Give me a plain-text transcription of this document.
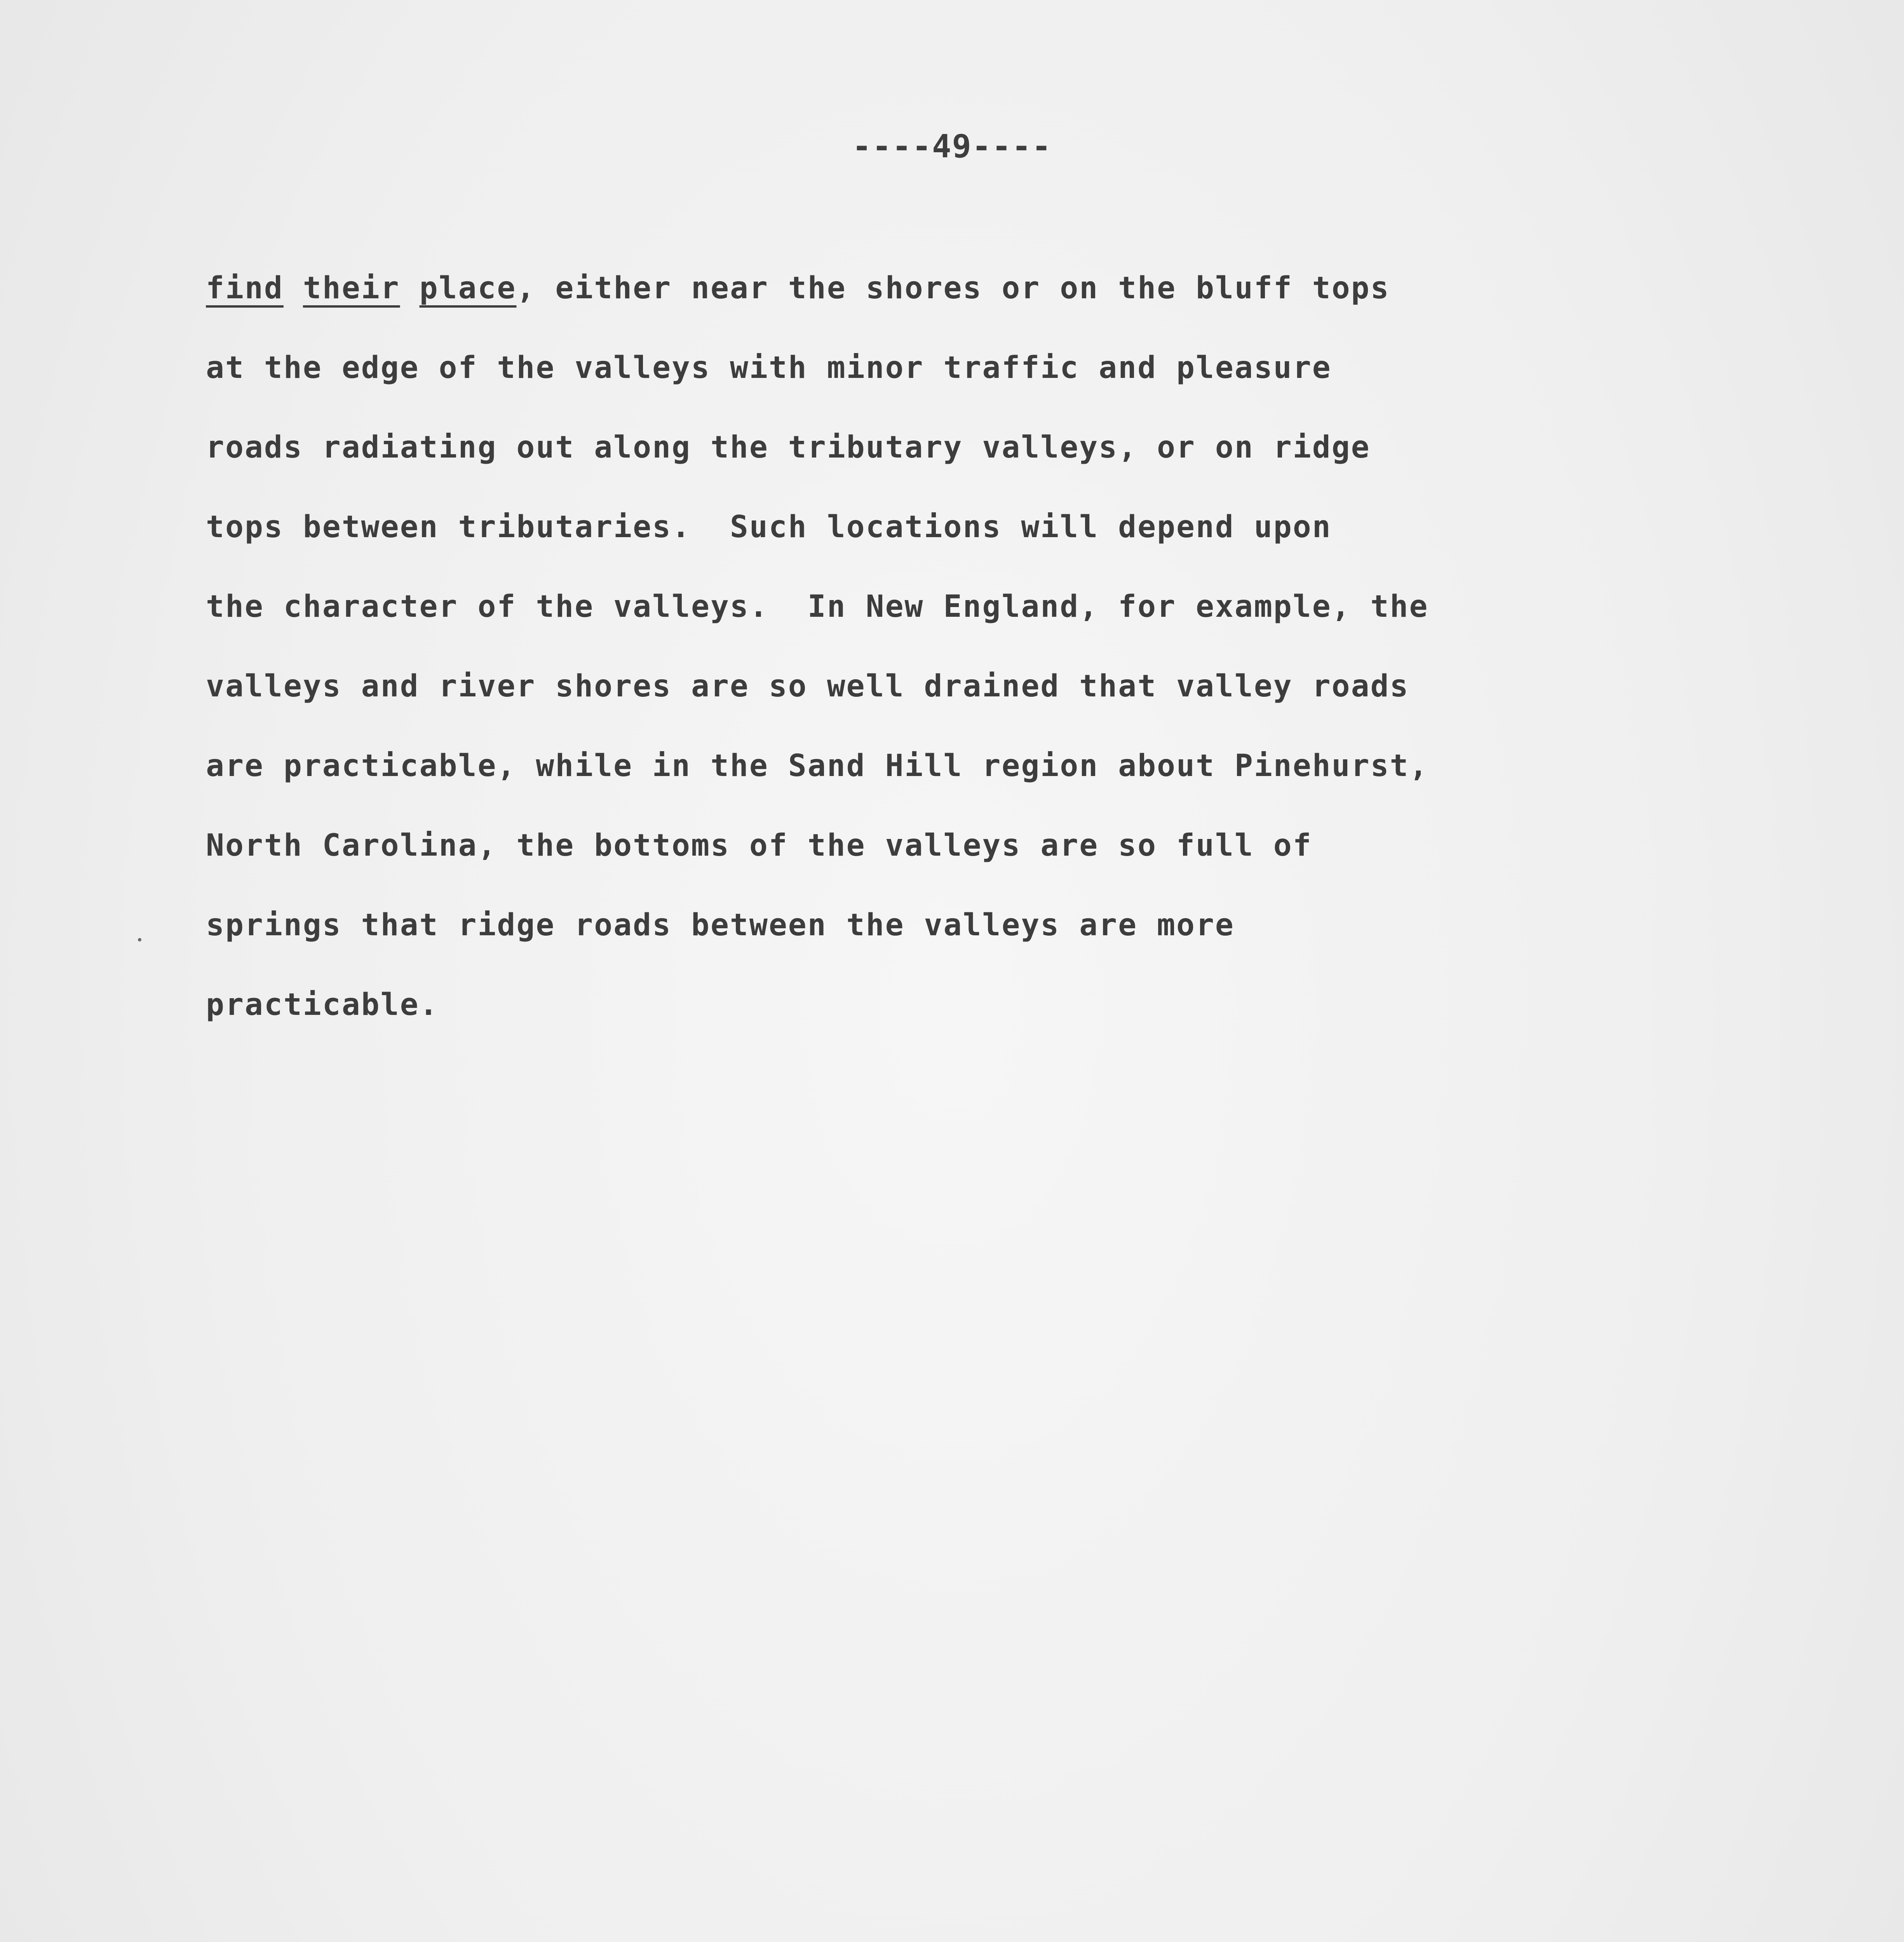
----49----

find their place, either near the shores or on the bluff tops
at the edge of the valleys with minor traffic and pleasure
roads radiating out along the tributary valleys, or on ridge
tops between tributaries.  Such locations will depend upon
the character of the valleys.  In New England, for example, the
valleys and river shores are so well drained that valley roads
are practicable, while in the Sand Hill region about Pinehurst,
North Carolina, the bottoms of the valleys are so full of
springs that ridge roads between the valleys are more
practicable.
